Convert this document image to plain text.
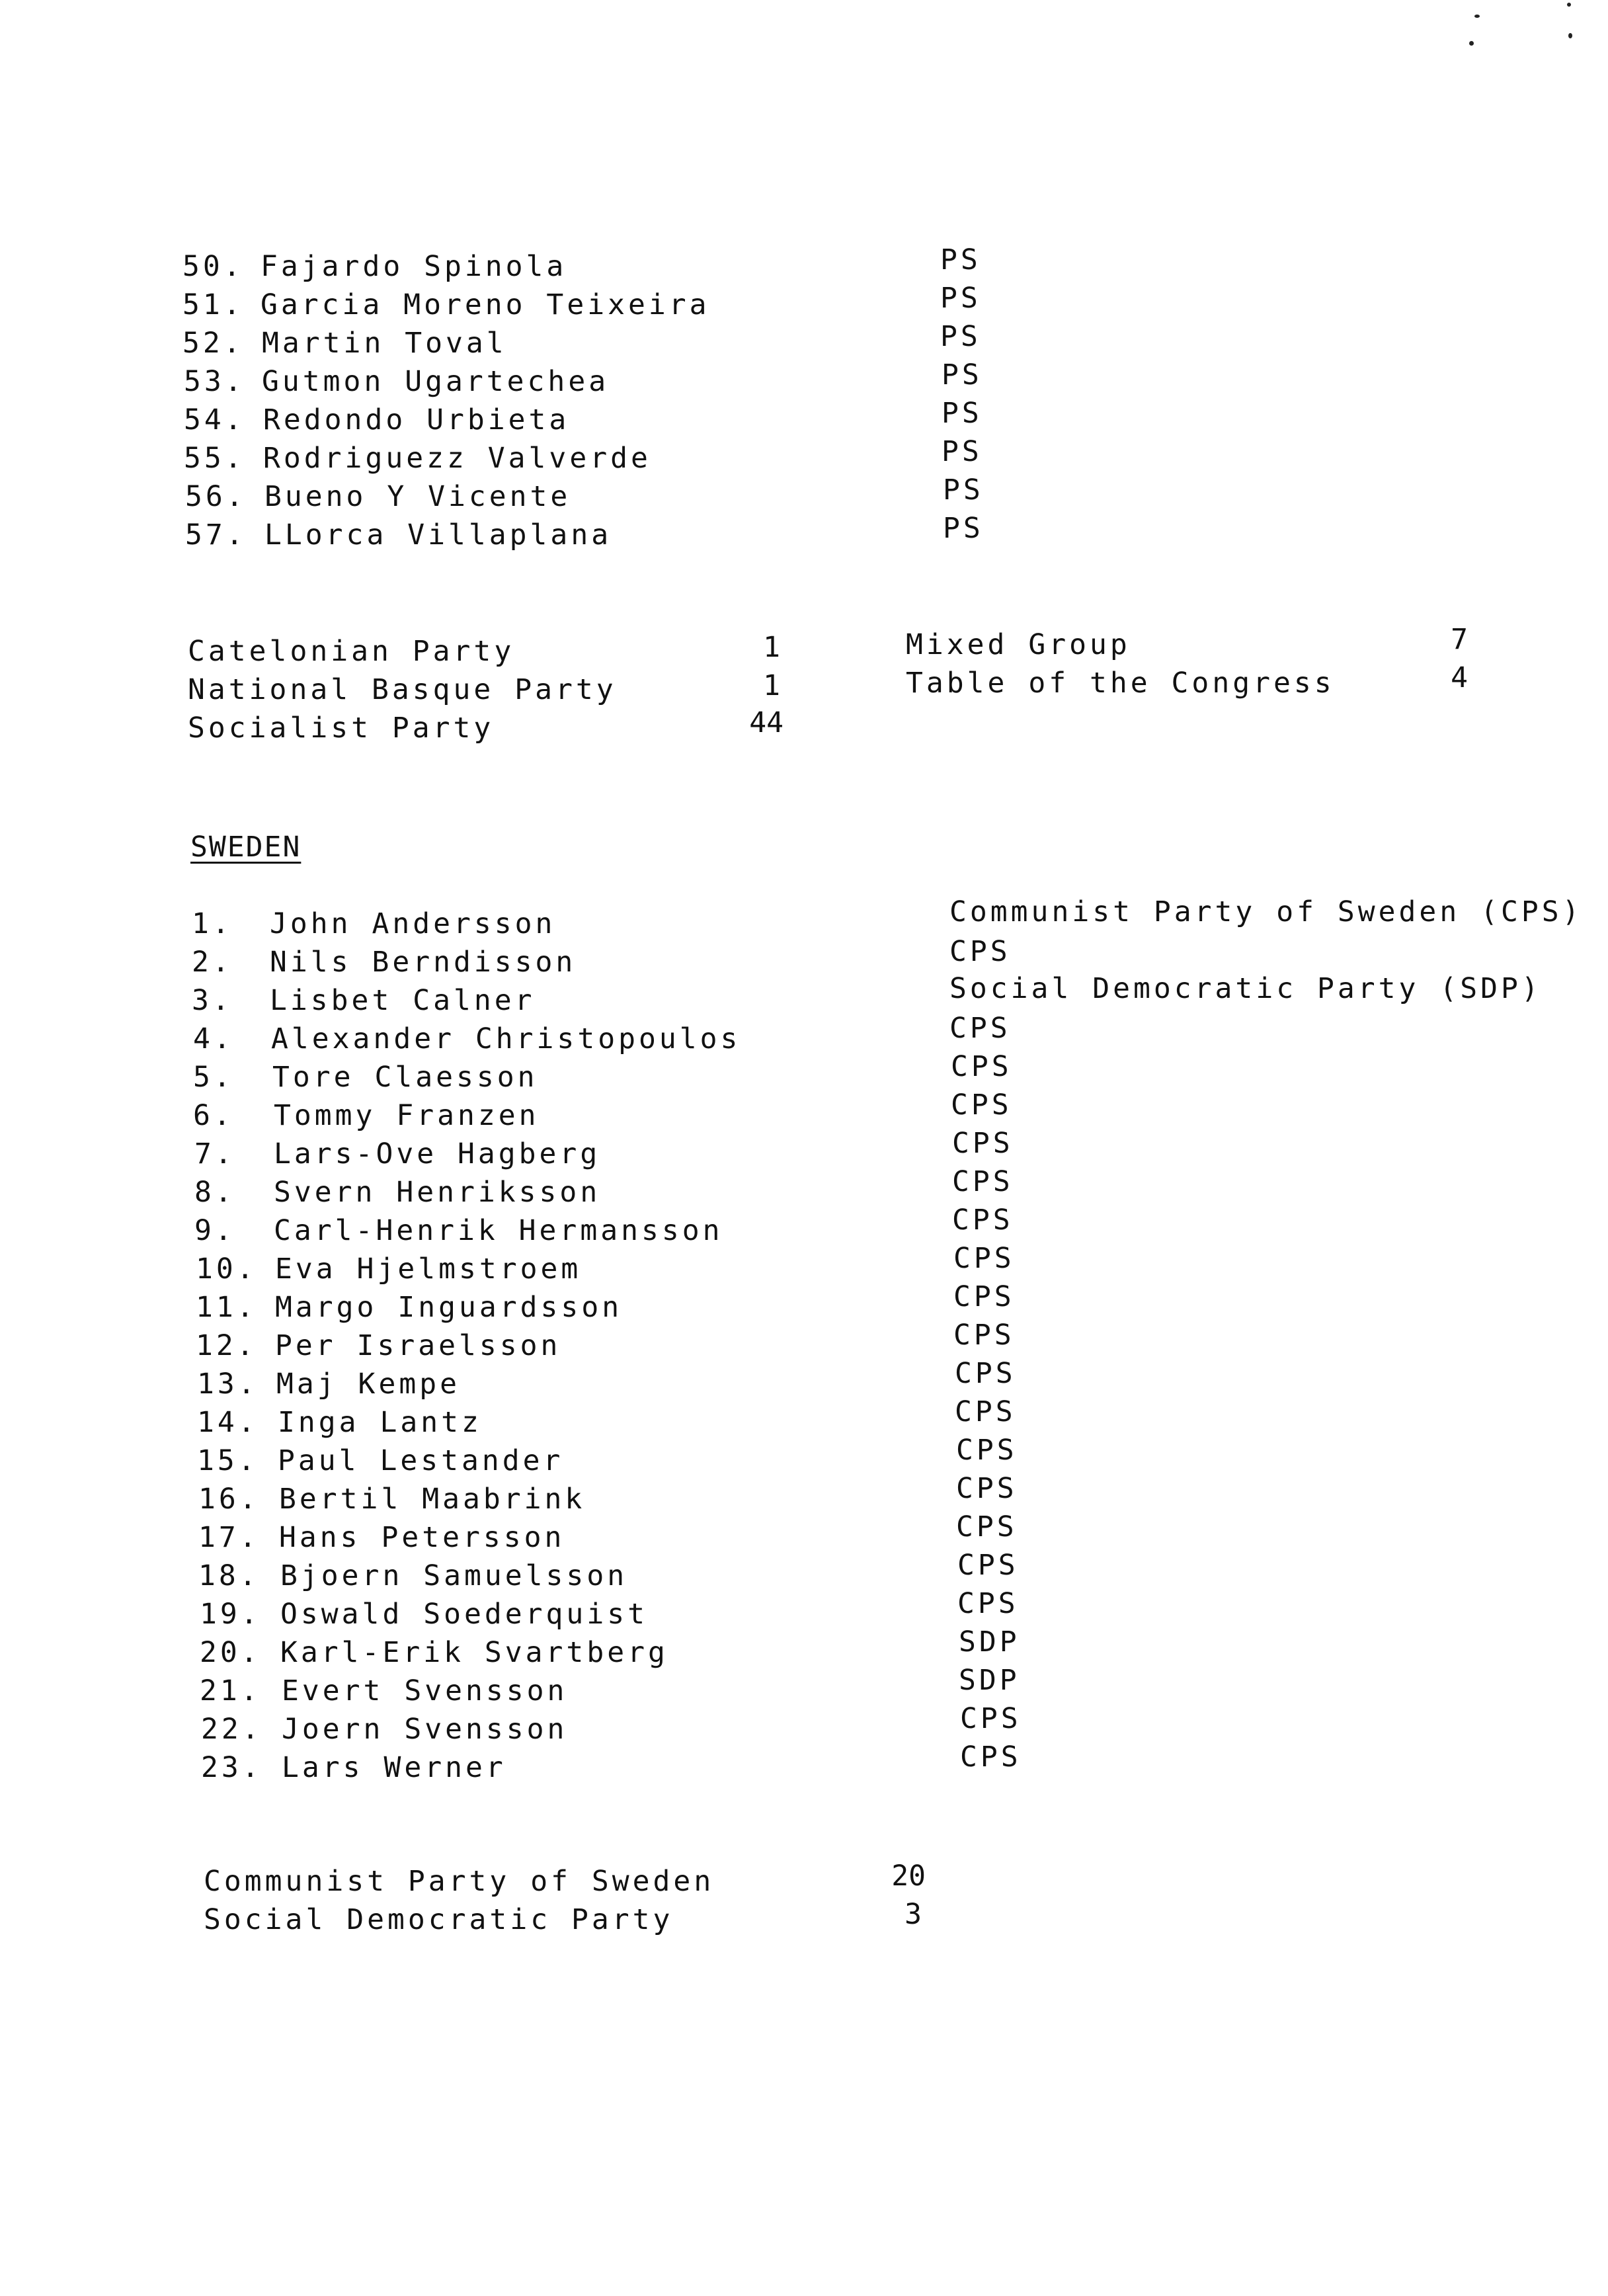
50. Fajardo Spinola	PS
51. Garcia Moreno Teixeira	PS
52. Martin Toval	PS
53. Gutmon Ugartechea	PS
54. Redondo Urbieta	PS
55. Rodriguezz Valverde	PS
56. Bueno Y Vicente	PS
57. LLorca Villaplana	PS
Catelonian Party	1
National Basque Party	1
Socialist Party	44
Mixed Group	7
Table of the Congress	4
SWEDEN
1. John Andersson	Communist Party of Sweden (CPS)
2. Nils Berndisson	CPS
3. Lisbet Calner	Social Democratic Party (SDP)
4. Alexander Christopoulos	CPS
5. Tore Claesson	CPS
6. Tommy Franzen	CPS
7. Lars-Ove Hagberg	CPS
8. Svern Henriksson	CPS
9. Carl-Henrik Hermansson	CPS
10. Eva Hjelmstroem	CPS
11. Margo Inguardsson	CPS
12. Per Israelsson	CPS
13. Maj Kempe	CPS
14. Inga Lantz	CPS
15. Paul Lestander	CPS
16. Bertil Maabrink	CPS
17. Hans Petersson	CPS
18. Bjoern Samuelsson	CPS
19. Oswald Soederquist	CPS
20. Karl-Erik Svartberg	SDP
21. Evert Svensson	SDP
22. Joern Svensson	CPS
23. Lars Werner	CPS
Communist Party of Sweden	20
Social Democratic Party	3
